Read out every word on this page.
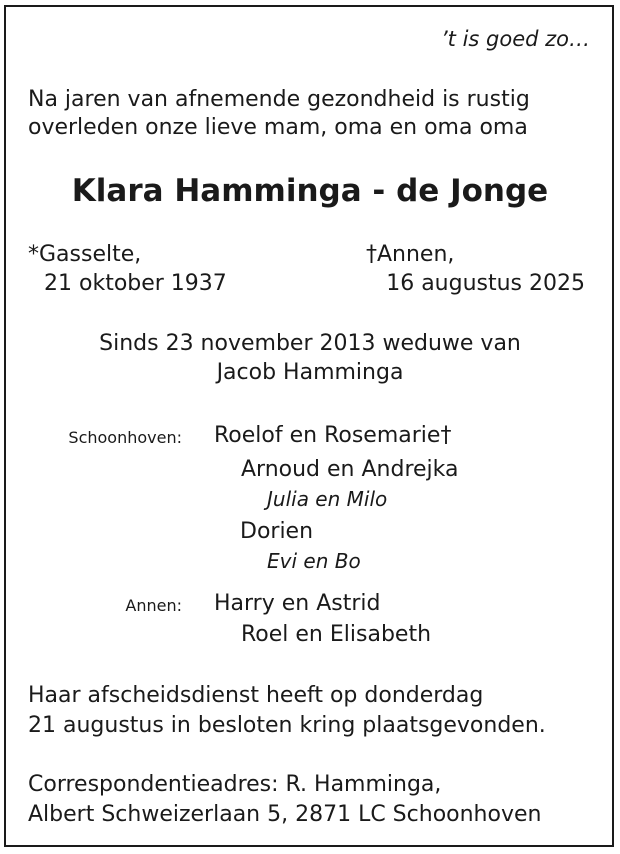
’t is goed zo…
Na jaren van afnemende gezondheid is rustig
overleden onze lieve mam, oma en oma oma
Klara Hamminga - de Jonge
*Gasselte,
21 oktober 1937
†Annen,
16 augustus 2025
Sinds 23 november 2013 weduwe van
Jacob Hamminga
Schoonhoven: Roelof en Rosemarie†
Arnoud en Andrejka
Julia en Milo
Dorien
Evi en Bo
Annen: Harry en Astrid
Roel en Elisabeth
Haar afscheidsdienst heeft op donderdag
21 augustus in besloten kring plaatsgevonden.
Correspondentieadres: R. Hamminga,
Albert Schweizerlaan 5, 2871 LC Schoonhoven
